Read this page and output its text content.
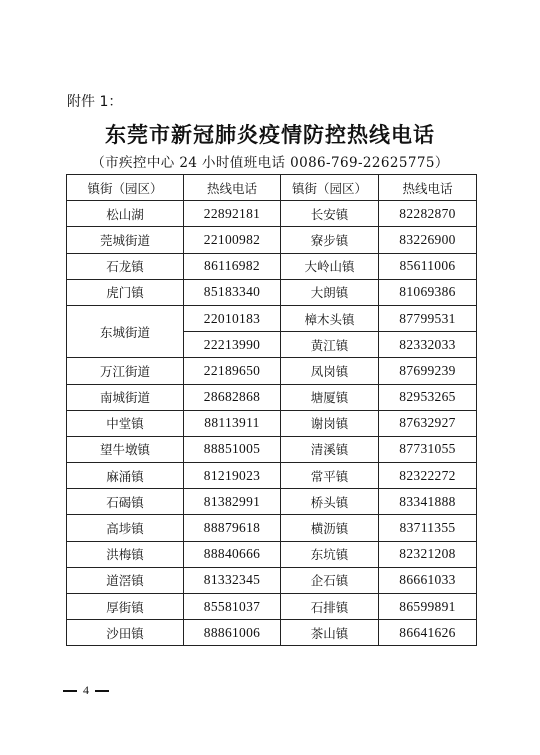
附件 1：
东莞市新冠肺炎疫情防控热线电话
（市疾控中心 24 小时值班电话 0086-769-22625775）
镇街（园区）	热线电话	镇街（园区）	热线电话
松山湖	22892181	长安镇	82282870
莞城街道	22100982	寮步镇	83226900
石龙镇	86116982	大岭山镇	85611006
虎门镇	85183340	大朗镇	81069386
东城街道	22010183	樟木头镇	87799531
	22213990	黄江镇	82332033
万江街道	22189650	凤岗镇	87699239
南城街道	28682868	塘厦镇	82953265
中堂镇	88113911	谢岗镇	87632927
望牛墩镇	88851005	清溪镇	87731055
麻涌镇	81219023	常平镇	82322272
石碣镇	81382991	桥头镇	83341888
高埗镇	88879618	横沥镇	83711355
洪梅镇	88840666	东坑镇	82321208
道滘镇	81332345	企石镇	86661033
厚街镇	85581037	石排镇	86599891
沙田镇	88861006	茶山镇	86641626
4
